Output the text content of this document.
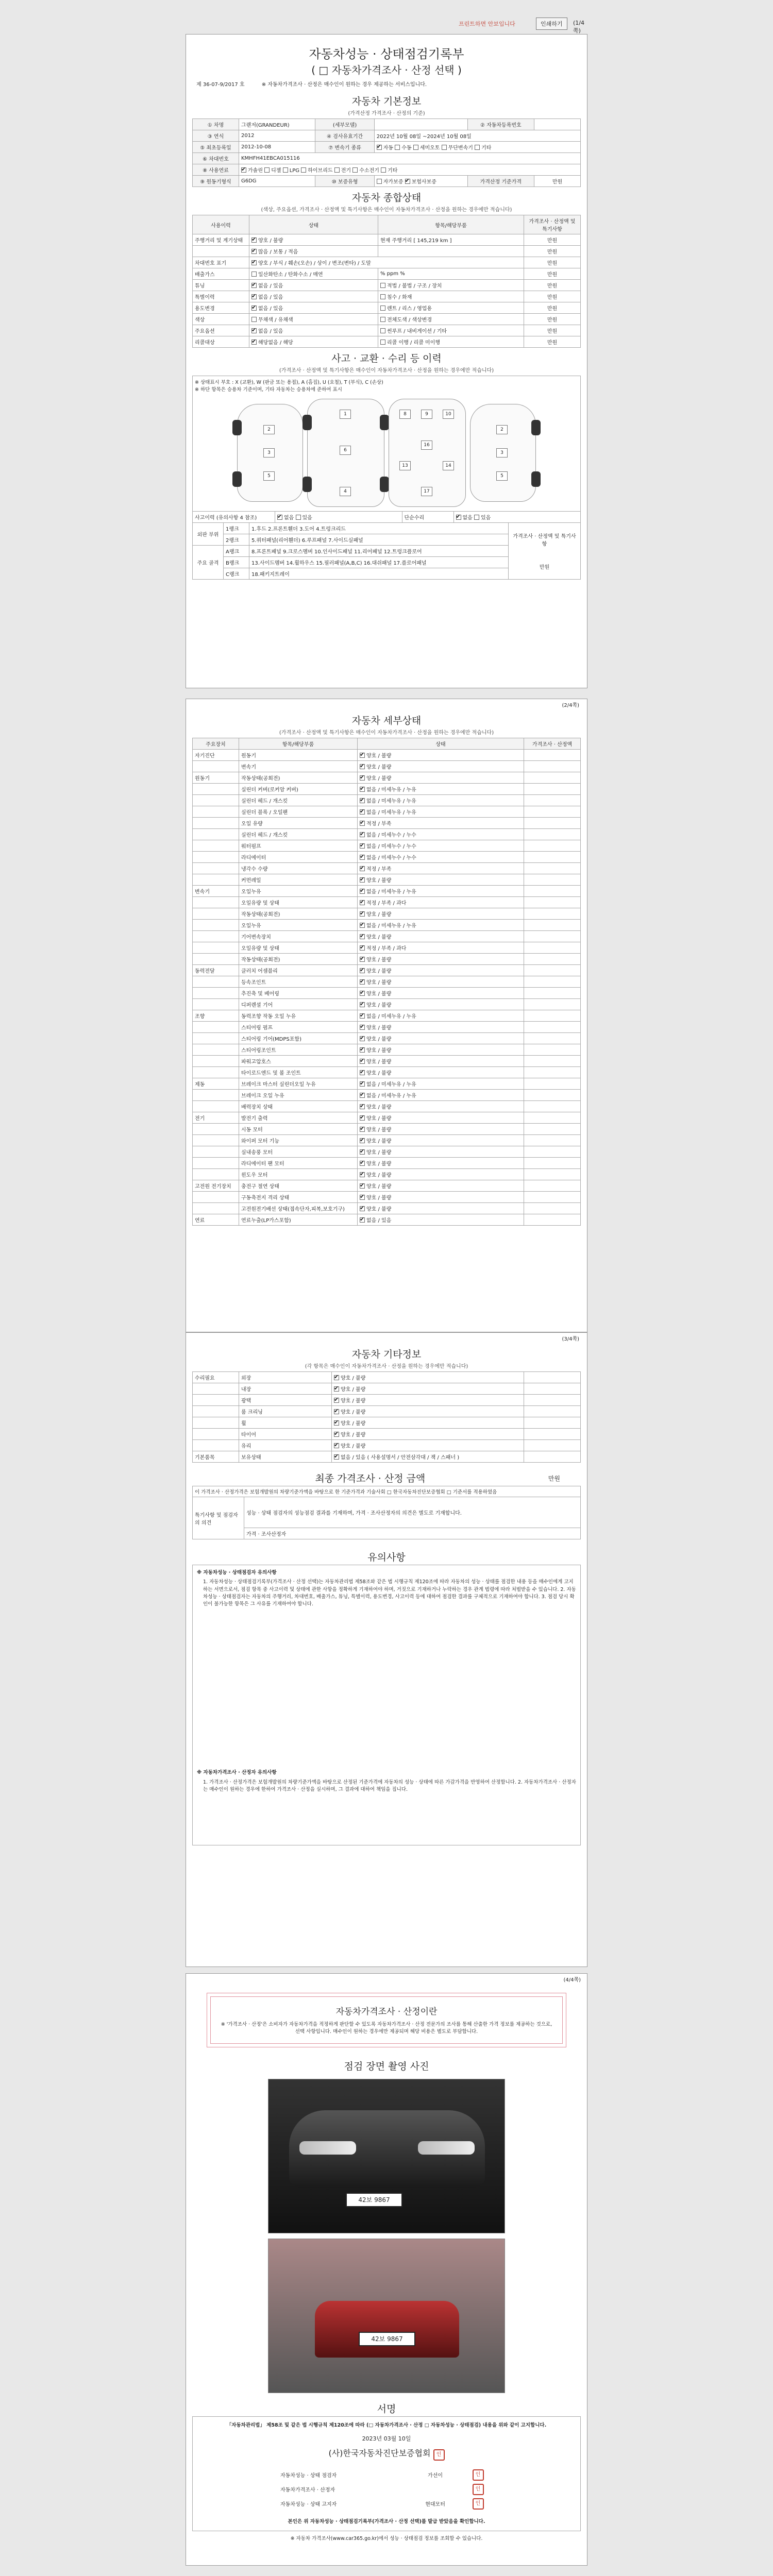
프린트하면 안보입니다	인쇄하기	(1/4쪽)
자동차성능 · 상태점검기록부
( □ 자동차가격조사 · 산정 선택 )
제 36-07-9/2017 호	※ 자동차가격조사 · 산정은 매수인이 원하는 경우 제공하는 서비스입니다.
자동차 기본정보
(가격산정 가격조사 · 산정의 기준)
① 차명	그랜저(GRANDEUR)	(세부모델)		② 자동차등록번호	
③ 연식	2012	④ 검사유효기간	2022년 10월 08일 ~2024년 10월 08일		
⑤ 최초등록일	2012-10-08	⑦ 변속기 종류	✔자동 수동 세미오토 무단변속기 기타
⑥ 차대번호	KMHFH41EBCA015116				
⑧ 사용연료	✔가솔린 디젤 LPG 하이브리드 전기 수소전기 기타
⑨ 원동기형식	G6DG	⑩ 보증유형	자가보증 ✔ 보험사보증	가격산정 기준가격	만원
자동차 종합상태
(색상, 주요옵션, 가격조사 · 산정액 및 특기사항은 매수인이 자동차가격조사 · 산정을 원하는 경우에만 적습니다)
사용이력	상태	항목/해당부품	가격조사 · 산정액 및 특기사항
주행거리 및 계기상태	✔양호 / 불량	현재 주행거리 [ 145,219 km ]	만원
	✔많음 / 보통 / 적음		만원
차대번호 표기	✔양호 / 부식 / 훼손(오손) / 상이 / 변조(변타) / 도말		만원
배출가스	일산화탄소 / 탄화수소 / 매연	% ppm %	만원
튜닝	✔없음 / 있음	적법 / 불법 / 구조 / 장치	만원
특별이력	✔없음 / 있음	침수 / 화재	만원
용도변경	✔없음 / 있음	렌트 / 리스 / 영업용	만원
색상	무채색 / 유채색	전체도색 / 색상변경	만원
주요옵션	✔없음 / 있음	썬루프 / 내비게이션 / 기타	만원
리콜대상	✔해당없음 / 해당	리콜 이행 / 리콜 미이행	만원
사고 · 교환 · 수리 등 이력
(가격조사 · 산정액 및 특기사항은 매수인이 자동차가격조사 · 산정을 원하는 경우에만 적습니다)
※ 상태표시 부호 : X (교환), W (판금 또는 용접), A (흠집), U (요철), T (부식), C (손상)
※ 하단 항목은 승용차 기준이며, 기타 자동차는 승용차에 준하여 표시
2
3
5
1
6
4
8	9	10
16
13	14
17
2
3
5
사고이력 (유의사항 4 참조)	✔없음 있음	단순수리	✔없음 있음
외판 부위	1랭크	1.후드 2.프론트휀더 3.도어 4.트렁크리드	가격조사 · 산정액 및 특기사항
만원

	2랭크	5.쿼터패널(리어휀더) 6.루프패널 7.사이드실패널	
주요 골격	A랭크	8.프론트패널 9.크로스멤버 10.인사이드패널 11.리어패널 12.트렁크플로어	
	B랭크	13.사이드멤버 14.휠하우스 15.필러패널(A,B,C) 16.대쉬패널 17.플로어패널	
	C랭크	18.패키지트레이	
(2/4쪽)
자동차 세부상태
(가격조사 · 산정액 및 특기사항은 매수인이 자동차가격조사 · 산정을 원하는 경우에만 적습니다)
주요장치	항목/해당부품	상태	가격조사 · 산정액
자기진단	원동기	✔양호 / 불량	
	변속기	✔양호 / 불량	
원동기	작동상태(공회전)	✔양호 / 불량	
	실린더 커버(로커암 커버)	✔없음 / 미세누유 / 누유	
	실린더 헤드 / 개스킷	✔없음 / 미세누유 / 누유	
	실린더 블록 / 오일팬	✔없음 / 미세누유 / 누유	
	오일 유량	✔적정 / 부족	
	실린더 헤드 / 개스킷	✔없음 / 미세누수 / 누수	
	워터펌프	✔없음 / 미세누수 / 누수	
	라디에이터	✔없음 / 미세누수 / 누수	
	냉각수 수량	✔적정 / 부족	
	커먼레일	✔양호 / 불량	
변속기	오일누유	✔없음 / 미세누유 / 누유	
	오일유량 및 상태	✔적정 / 부족 / 과다	
	작동상태(공회전)	✔양호 / 불량	
	오일누유	✔없음 / 미세누유 / 누유	
	기어변속장치	✔양호 / 불량	
	오일유량 및 상태	✔적정 / 부족 / 과다	
	작동상태(공회전)	✔양호 / 불량	
동력전달	클러치 어셈블리	✔양호 / 불량	
	등속조인트	✔양호 / 불량	
	추진축 및 베어링	✔양호 / 불량	
	디퍼렌셜 기어	✔양호 / 불량	
조향	동력조향 작동 오일 누유	✔없음 / 미세누유 / 누유	
	스티어링 펌프	✔양호 / 불량	
	스티어링 기어(MDPS포함)	✔양호 / 불량	
	스티어링조인트	✔양호 / 불량	
	파워고압호스	✔양호 / 불량	
	타이로드엔드 및 볼 조인트	✔양호 / 불량	
제동	브레이크 마스터 실린더오일 누유	✔없음 / 미세누유 / 누유	
	브레이크 오일 누유	✔없음 / 미세누유 / 누유	
	배력장치 상태	✔양호 / 불량	
전기	발전기 출력	✔양호 / 불량	
	시동 모터	✔양호 / 불량	
	와이퍼 모터 기능	✔양호 / 불량	
	실내송풍 모터	✔양호 / 불량	
	라디에이터 팬 모터	✔양호 / 불량	
	윈도우 모터	✔양호 / 불량	
고전원 전기장치	충전구 절연 상태	✔양호 / 불량	
	구동축전지 격리 상태	✔양호 / 불량	
	고전원전기배선 상태(접속단자,피복,보호기구)	✔양호 / 불량	
연료	연료누출(LP가스포함)	✔없음 / 있음	
(3/4쪽)
자동차 기타정보
(각 항목은 매수인이 자동차가격조사 · 산정을 원하는 경우에만 적습니다)
수리필요	외장	✔양호 / 불량	
	내장	✔양호 / 불량	
	광택	✔양호 / 불량	
	룸 크리닝	✔양호 / 불량	
	휠	✔양호 / 불량	
	타이어	✔양호 / 불량	
	유리	✔양호 / 불량	
기본품목	보유상태	✔없음 / 있음 ( 사용설명서 / 안전삼각대 / 잭 / 스패너 )	
최종 가격조사 · 산정 금액	만원
이 가격조사 · 산정가격은 보험개발원의 차량기준가액을 바탕으로 한 기준가격과 기술사회 □ 한국자동차진단보증협회 □ 기준서를 적용하였음
특기사항 및 점검자의 의견	성능 · 상태 점검자의 성능점검 결과를 기재하며, 가격 · 조사산정자의 의견은 별도로 기재합니다.
가격 · 조사산정자
유의사항
※ 자동차성능 · 상태점검자 유의사항
1. 자동차성능 · 상태점검기록부(가격조사 · 산정 선택)는 자동차관리법 제58조와 같은 법 시행규칙 제120조에 따라 자동차의 성능 · 상태를 점검한 내용 등을 매수인에게 고지하는 서면으로서, 점검 항목 중 사고이력 및 상태에 관한 사항을 정확하게 기재하여야 하며, 거짓으로 기재하거나 누락하는 경우 관계 법령에 따라 처벌받을 수 있습니다. 2. 자동차성능 · 상태점검자는 자동차의 주행거리, 차대번호, 배출가스, 튜닝, 특별이력, 용도변경, 사고이력 등에 대하여 점검한 결과를 구체적으로 기재하여야 합니다. 3. 점검 당시 확인이 불가능한 항목은 그 사유를 기재하여야 합니다.
※ 자동차가격조사 · 산정자 유의사항
1. 가격조사 · 산정가격은 보험개발원의 차량기준가액을 바탕으로 산정된 기준가격에 자동차의 성능 · 상태에 따른 가감가격을 반영하여 산정합니다. 2. 자동차가격조사 · 산정자는 매수인이 원하는 경우에 한하여 가격조사 · 산정을 실시하며, 그 결과에 대하여 책임을 집니다.
(4/4쪽)
자동차가격조사 · 산정이란
※ '가격조사 · 산정'은 소비자가 자동차가격을 적정하게 판단할 수 있도록 자동차가격조사 · 산정 전문가의 조사를 통해 산출한 가격 정보를 제공하는 것으로, 선택 사항입니다. 매수인이 원하는 경우에만 제공되며 해당 비용은 별도로 부담합니다.
점검 장면 촬영 사진
42보 9867
42보 9867
서명
「자동차관리법」 제58조 및 같은 법 시행규칙 제120조에 따라 (□ 자동차가격조사 · 산정 □ 자동차성능 · 상태점검) 내용을 위와 같이 고지합니다.
2023년 03월 10일
(사)한국자동차진단보증협회 인
자동차성능 · 상태 점검자	가선이	인
자동차가격조사 · 산정자		인
자동차성능 · 상태 고지자	현대모터	인
본인은 위 자동차성능 · 상태점검기록부(가격조사 · 산정 선택)를 발급 받았음을 확인합니다.
※ 자동차 가격조사(www.car365.go.kr)에서 성능 · 상태점검 정보를 조회할 수 있습니다.
